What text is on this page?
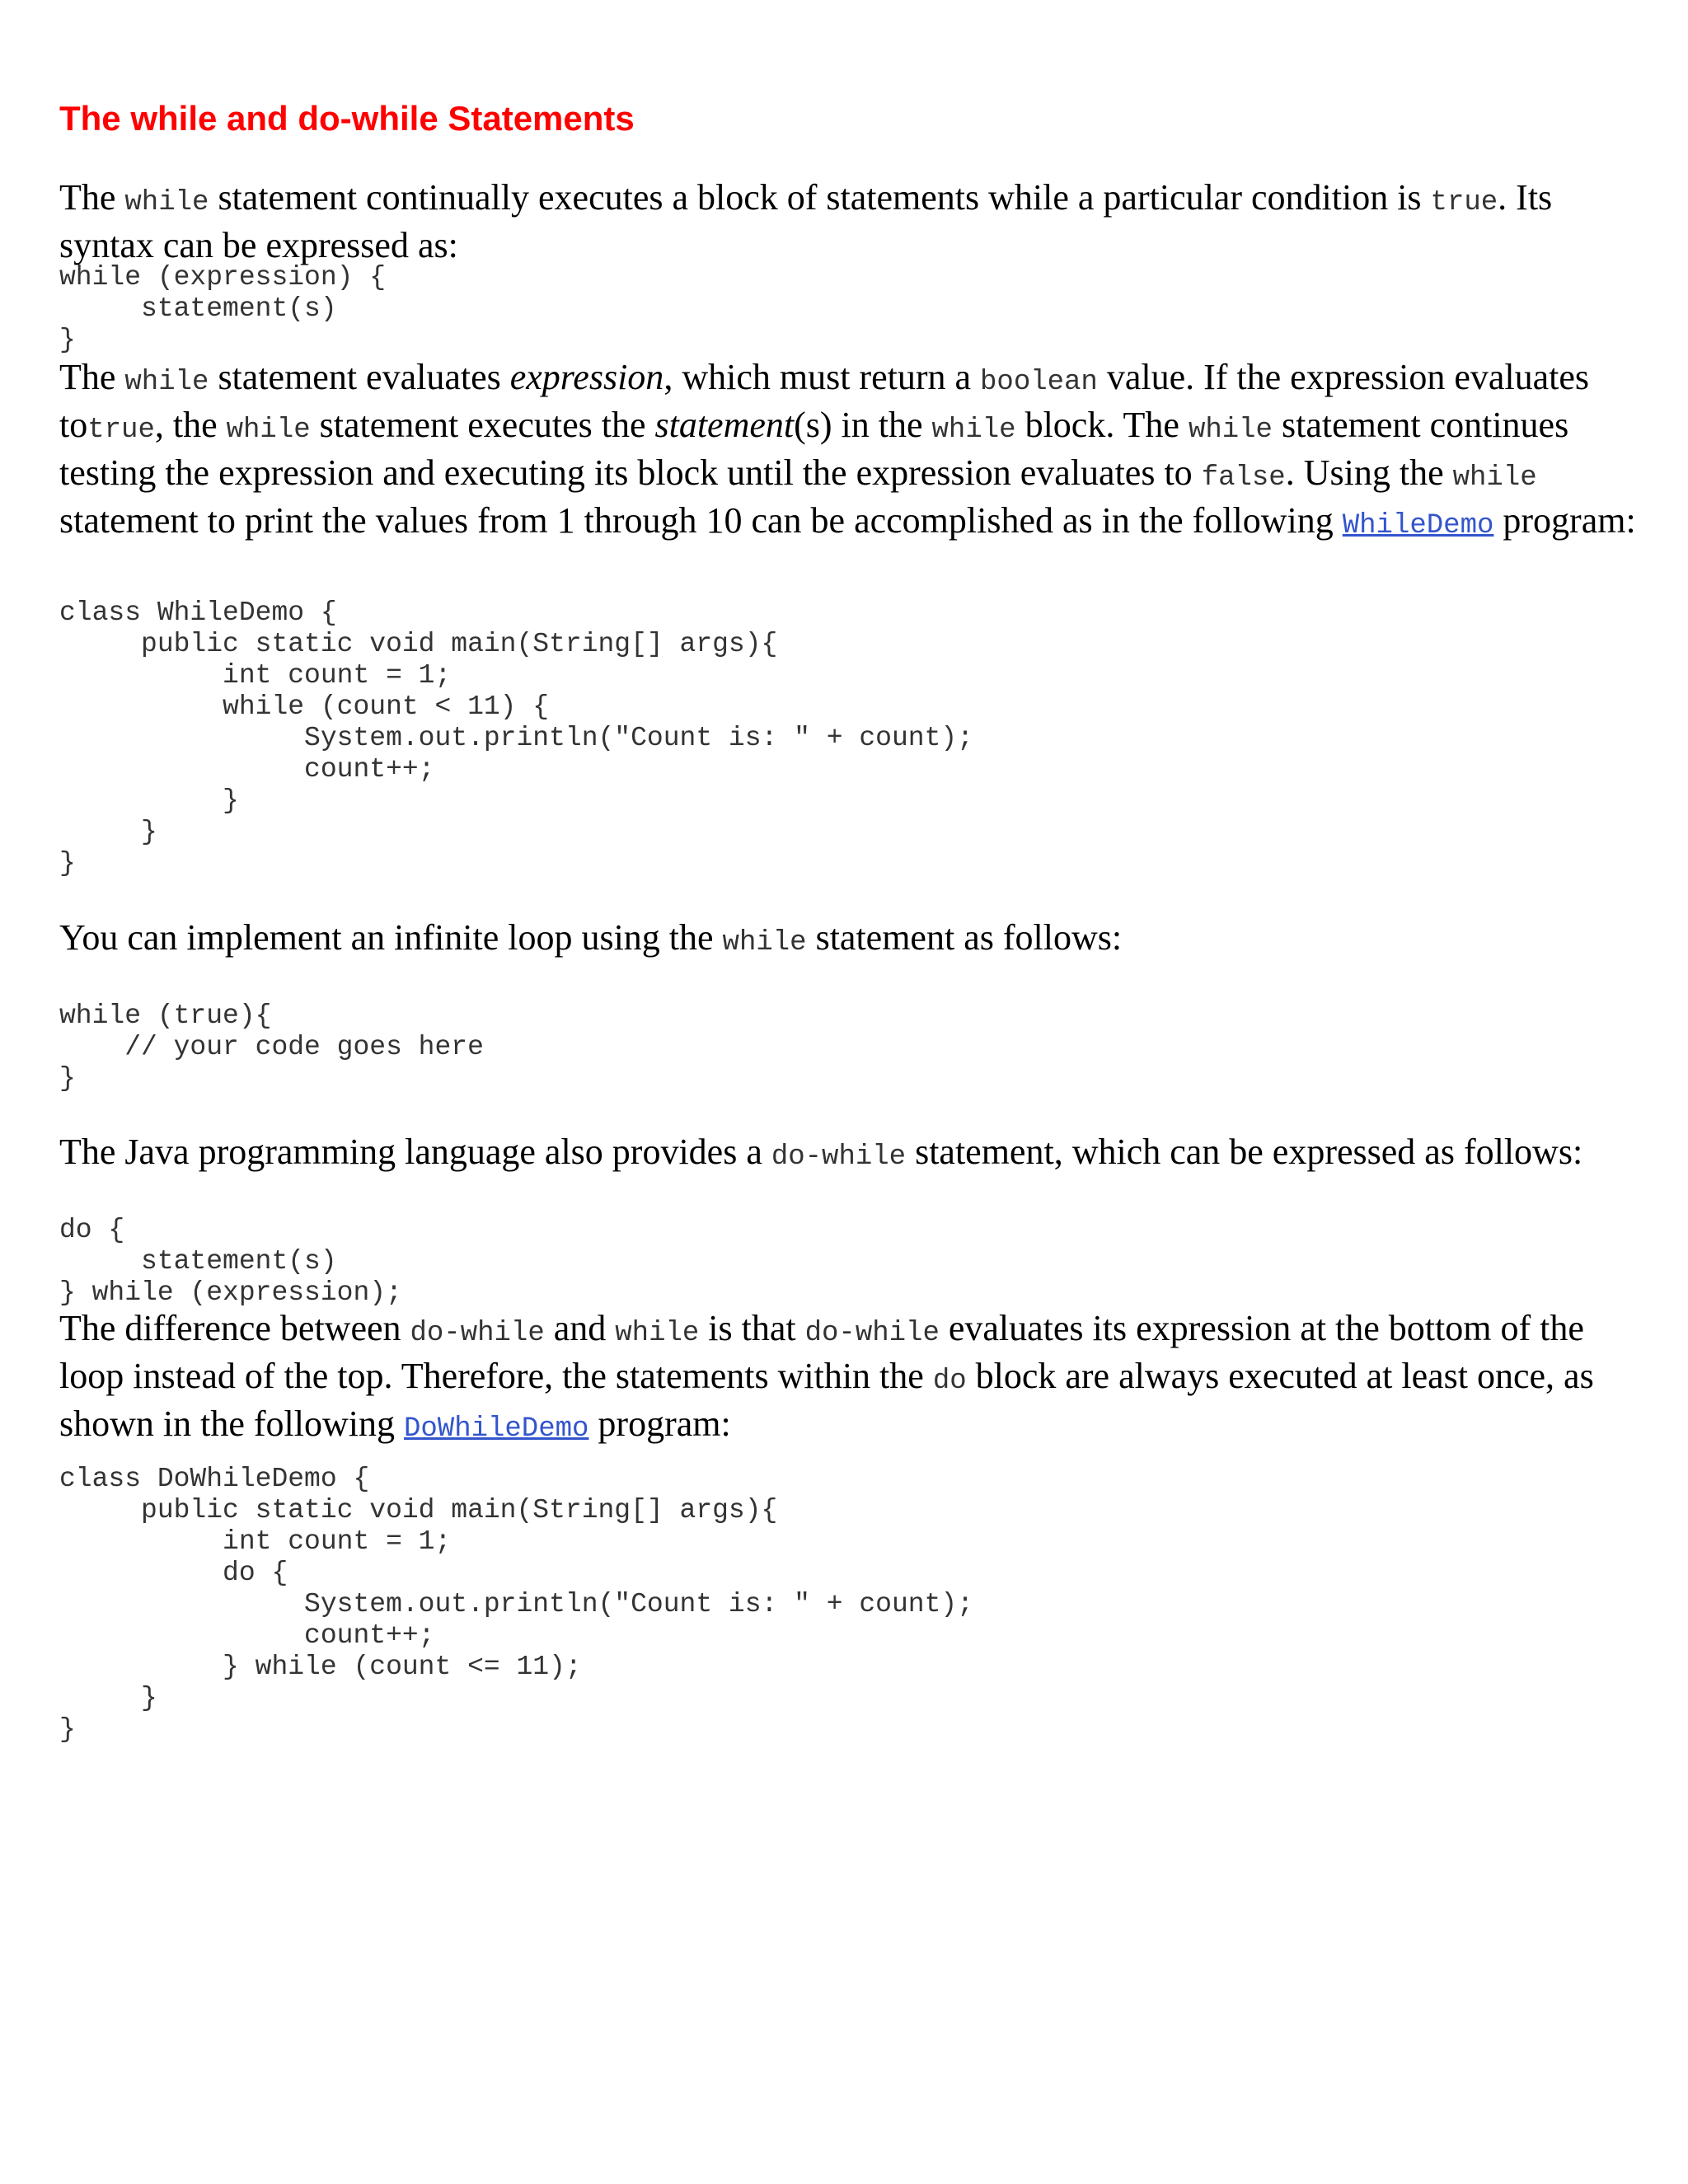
The while and do-while Statements

The while statement continually executes a block of statements while a particular condition is true. Its syntax can be expressed as:

while (expression) {
statement(s)
}

The while statement evaluates expression, which must return a boolean value. If the expression evaluates totrue, the while statement executes the statement(s) in the while block. The while statement continues testing the expression and executing its block until the expression evaluates to false. Using the while statement to print the values from 1 through 10 can be accomplished as in the following WhileDemo program:

class WhileDemo {
public static void main(String[] args){
int count = 1;
while (count < 11) {
System.out.println("Count is: " + count);
count++;
}
}
}

You can implement an infinite loop using the while statement as follows:

while (true){
// your code goes here
}

The Java programming language also provides a do-while statement, which can be expressed as follows:

do {
statement(s)
} while (expression);

The difference between do-while and while is that do-while evaluates its expression at the bottom of the loop instead of the top. Therefore, the statements within the do block are always executed at least once, as shown in the following DoWhileDemo program:

class DoWhileDemo {
public static void main(String[] args){
int count = 1;
do {
System.out.println("Count is: " + count);
count++;
} while (count <= 11);
}
}
